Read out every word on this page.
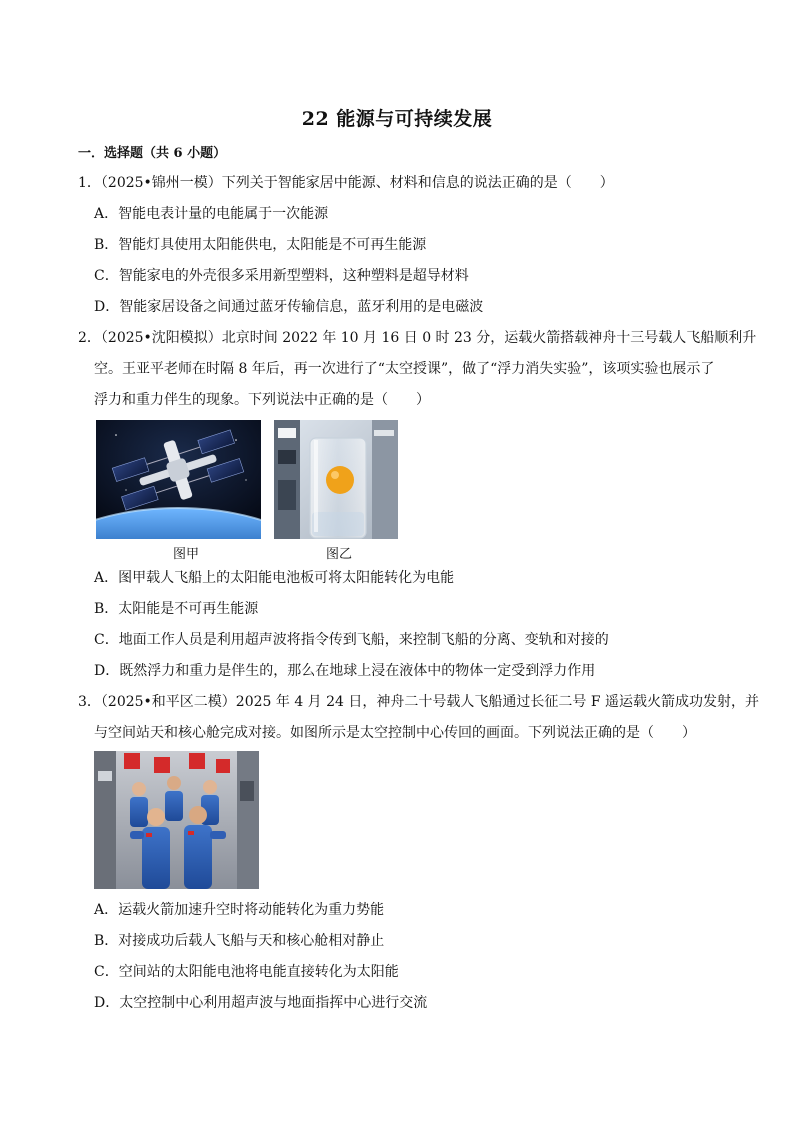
22 能源与可持续发展
一．选择题（共 6 小题）
1．（2025•锦州一模）下列关于智能家居中能源、材料和信息的说法正确的是（　　）
A．智能电表计量的电能属于一次能源
B．智能灯具使用太阳能供电，太阳能是不可再生能源
C．智能家电的外壳很多采用新型塑料，这种塑料是超导材料
D．智能家居设备之间通过蓝牙传输信息，蓝牙利用的是电磁波
2．（2025•沈阳模拟）北京时间 2022 年 10 月 16 日 0 时 23 分，运载火箭搭载神舟十三号载人飞船顺利升
空。王亚平老师在时隔 8 年后，再一次进行了“太空授课”，做了“浮力消失实验”，该项实验也展示了
浮力和重力伴生的现象。下列说法中正确的是（　　）
图甲	图乙
A．图甲载人飞船上的太阳能电池板可将太阳能转化为电能
B．太阳能是不可再生能源
C．地面工作人员是利用超声波将指令传到飞船，来控制飞船的分离、变轨和对接的
D．既然浮力和重力是伴生的，那么在地球上浸在液体中的物体一定受到浮力作用
3．（2025•和平区二模）2025 年 4 月 24 日，神舟二十号载人飞船通过长征二号 F 遥运载火箭成功发射，并
与空间站天和核心舱完成对接。如图所示是太空控制中心传回的画面。下列说法正确的是（　　）
A．运载火箭加速升空时将动能转化为重力势能
B．对接成功后载人飞船与天和核心舱相对静止
C．空间站的太阳能电池将电能直接转化为太阳能
D．太空控制中心利用超声波与地面指挥中心进行交流
